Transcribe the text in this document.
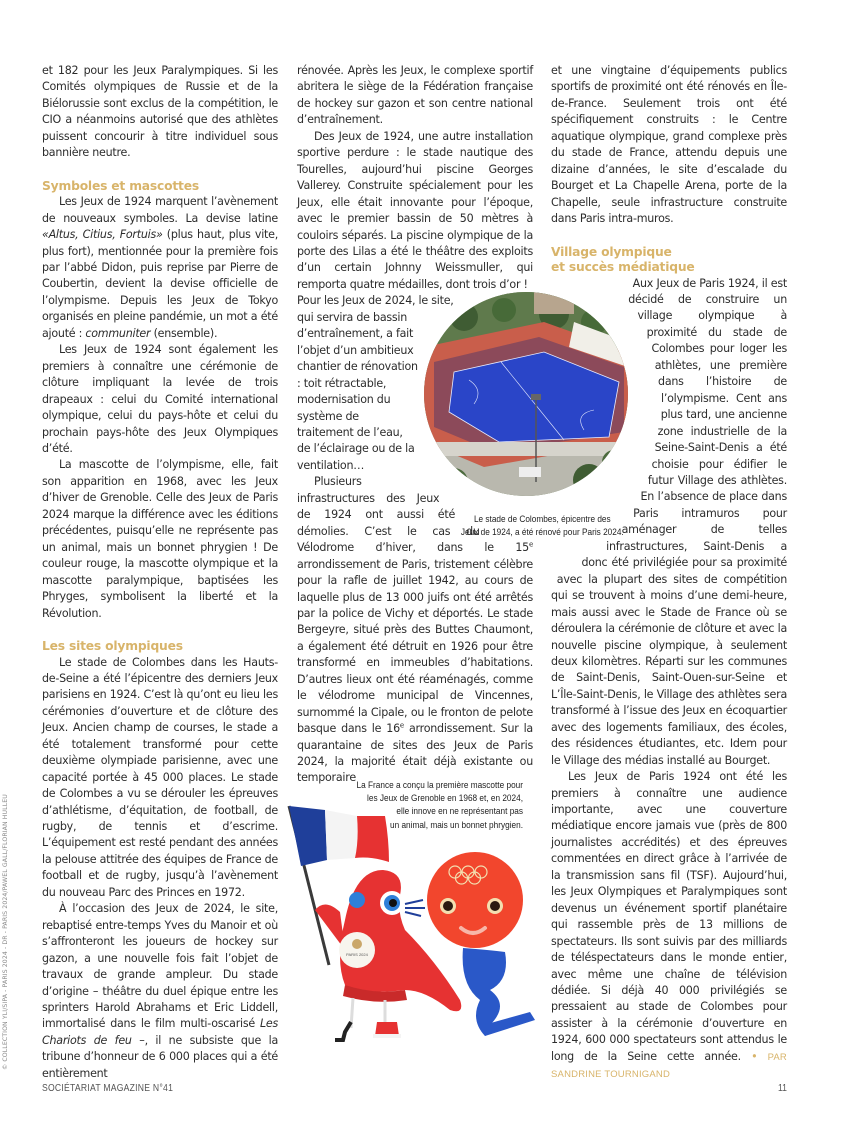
et 182 pour les Jeux Paralympiques. Si les Comités olympiques de Russie et de la Biélorussie sont exclus de la compétition, le CIO a néanmoins autorisé que des athlètes puissent concourir à titre individuel sous bannière neutre.

Symboles et mascottes

Les Jeux de 1924 marquent l’avènement de nouveaux symboles. La devise latine «Altus, Citius, Fortuis» (plus haut, plus vite, plus fort), mentionnée pour la première fois par l’abbé Didon, puis reprise par Pierre de Coubertin, devient la devise officielle de l’olympisme. Depuis les Jeux de Tokyo organisés en pleine pandémie, un mot a été ajouté : communiter (ensemble).

Les Jeux de 1924 sont également les premiers à connaître une cérémonie de clôture impliquant la levée de trois drapeaux : celui du Comité international olympique, celui du pays-hôte et celui du prochain pays-hôte des Jeux Olympiques d’été.

La mascotte de l’olympisme, elle, fait son apparition en 1968, avec les Jeux d’hiver de Grenoble. Celle des Jeux de Paris 2024 marque la différence avec les éditions précédentes, puisqu’elle ne représente pas un animal, mais un bonnet phrygien ! De couleur rouge, la mascotte olympique et la mascotte paralympique, baptisées les Phryges, symbolisent la liberté et la Révolution.

Les sites olympiques

Le stade de Colombes dans les Hauts-de-Seine a été l’épicentre des derniers Jeux parisiens en 1924. C’est là qu’ont eu lieu les cérémonies d’ouverture et de clôture des Jeux. Ancien champ de courses, le stade a été totalement transformé pour cette deuxième olympiade parisienne, avec une capacité portée à 45 000 places. Le stade de Colombes a vu se dérouler les épreuves d’athlétisme, d’équitation, de football, de rugby, de tennis et d’escrime. L’équipement est resté pendant des années la pelouse attitrée des équipes de France de football et de rugby, jusqu’à l’avènement du nouveau Parc des Princes en 1972.

À l’occasion des Jeux de 2024, le site, rebaptisé entre-temps Yves du Manoir et où s’affronteront les joueurs de hockey sur gazon, a une nouvelle fois fait l’objet de travaux de grande ampleur. Du stade d’origine – théâtre du duel épique entre les sprinters Harold Abrahams et Eric Liddell, immortalisé dans le film multi-oscarisé Les Chariots de feu –, il ne subsiste que la tribune d’honneur de 6 000 places qui a été entièrement

rénovée. Après les Jeux, le complexe sportif abritera le siège de la Fédération française de hockey sur gazon et son centre national d’entraînement.

Des Jeux de 1924, une autre installation sportive perdure : le stade nautique des Tourelles, aujourd’hui piscine Georges Vallerey. Construite spécialement pour les Jeux, elle était innovante pour l’époque, avec le premier bassin de 50 mètres à couloirs séparés. La piscine olympique de la porte des Lilas a été le théâtre des exploits d’un certain Johnny Weissmuller, qui remporta quatre médailles, dont trois d’or !

Pour les Jeux de 2024, le site, qui servira de bassin d’entraînement, a fait l’objet d’un ambitieux chantier de rénovation : toit rétractable, modernisation du système de traitement de l’eau, de l’éclairage ou de la ventilation…

Plusieurs infrastructures des Jeux de 1924 ont aussi été démolies. C’est le cas du Vélodrome d’hiver, dans le 15e arrondissement de Paris, tristement célèbre pour la rafle de juillet 1942, au cours de laquelle plus de 13 000 juifs ont été arrêtés par la police de Vichy et déportés. Le stade Bergeyre, situé près des Buttes Chaumont, a également été détruit en 1926 pour être transformé en immeubles d’habitations. D’autres lieux ont été réaménagés, comme le vélodrome municipal de Vincennes, surnommé la Cipale, ou le fronton de pelote basque dans le 16e arrondissement. Sur la quarantaine de sites des Jeux de Paris 2024, la majorité était déjà existante ou temporaire

et une vingtaine d’équipements publics sportifs de proximité ont été rénovés en Île-de-France. Seulement trois ont été spécifiquement construits : le Centre aquatique olympique, grand complexe près du stade de France, attendu depuis une dizaine d’années, le site d’escalade du Bourget et La Chapelle Arena, porte de la Chapelle, seule infrastructure construite dans Paris intra-muros.

Village olympique
et succès médiatique

Aux Jeux de Paris 1924, il est décidé de construire un village olympique à proximité du stade de Colombes pour loger les athlètes, une première dans l’histoire de l’olympisme. Cent ans plus tard, une ancienne zone industrielle de la Seine-Saint-Denis a été choisie pour édifier le futur Village des athlètes. En l’absence de place dans Paris intramuros pour aménager de telles infrastructures, Saint-Denis a donc été privilégiée pour sa proximité avec la plupart des sites de compétition qui se trouvent à moins d’une demi-heure, mais aussi avec le Stade de France où se déroulera la cérémonie de clôture et avec la nouvelle piscine olympique, à seulement deux kilomètres. Réparti sur les communes de Saint-Denis, Saint-Ouen-sur-Seine et L’Île-Saint-Denis, le Village des athlètes sera transformé à l’issue des Jeux en écoquartier avec des logements familiaux, des écoles, des résidences étudiantes, etc. Idem pour le Village des médias installé au Bourget.

Les Jeux de Paris 1924 ont été les premiers à connaître une audience importante, avec une couverture médiatique encore jamais vue (près de 800 journalistes accrédités) et des épreuves commentées en direct grâce à l’arrivée de la transmission sans fil (TSF). Aujourd’hui, les Jeux Olympiques et Paralympiques sont devenus un événement sportif planétaire qui rassemble près de 13 millions de spectateurs. Ils sont suivis par des milliards de téléspectateurs dans le monde entier, avec même une chaîne de télévision dédiée. Si déjà 40 000 privilégiés se pressaient au stade de Colombes pour assister à la cérémonie d’ouverture en 1924, 600 000 spectateurs sont attendus le long de la Seine cette année. • PAR SANDRINE TOURNIGAND

Le stade de Colombes, épicentre des
Jeux de 1924, a été rénové pour Paris 2024.
La France a conçu la première mascotte pour
les Jeux de Grenoble en 1968 et, en 2024,
elle innove en ne représentant pas
un animal, mais un bonnet phrygien.
PARIS 2024
© COLLECTION YLI/SIPA - PARIS 2024 - DR - PARIS 2024/PAWEL GALL/FLORIAN HULLEU
SOCIÉTARIAT MAGAZINE N°41	11
